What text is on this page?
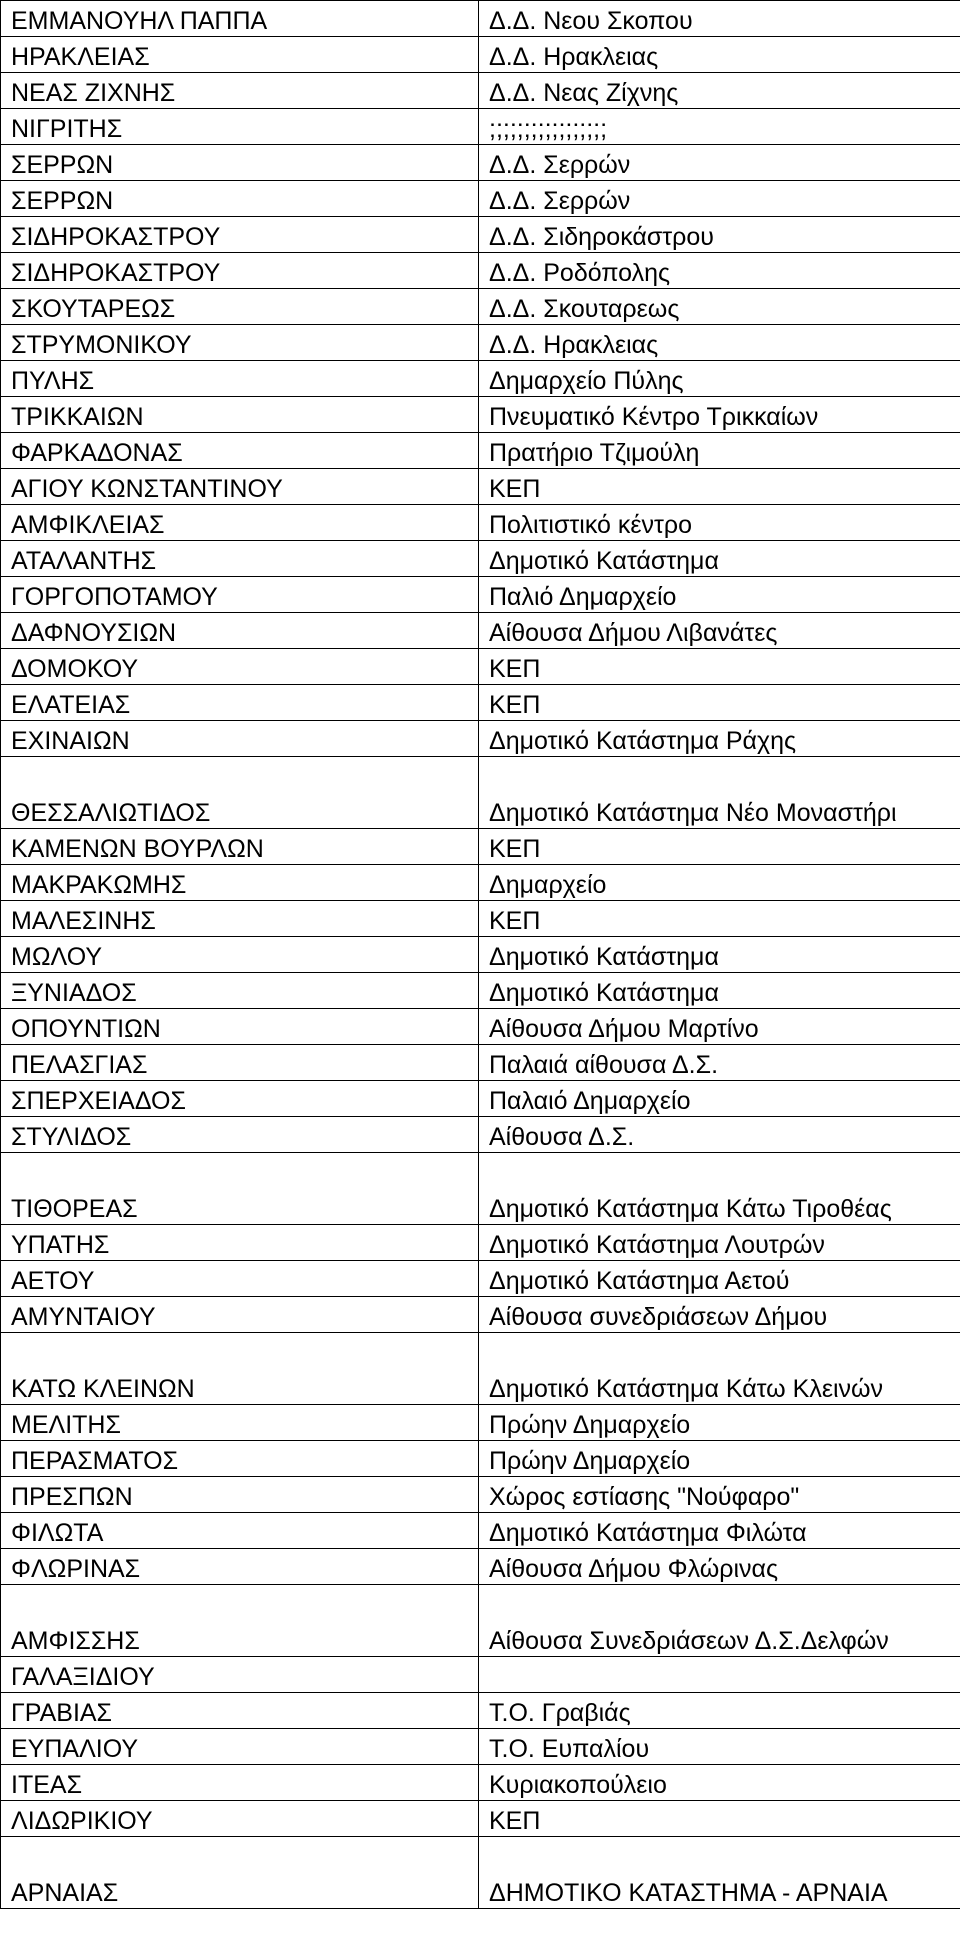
ΕΜΜΑΝΟΥΗΛ ΠΑΠΠΑ	Δ.Δ. Νεου Σκοπου
ΗΡΑΚΛΕΙΑΣ	Δ.Δ. Ηρακλειας
ΝΕΑΣ ΖΙΧΝΗΣ	Δ.Δ. Νεας Ζίχνης
ΝΙΓΡΙΤΗΣ	;;;;;;;;;;;;;;;;;
ΣΕΡΡΩΝ	Δ.Δ. Σερρών
ΣΕΡΡΩΝ	Δ.Δ. Σερρών
ΣΙΔΗΡΟΚΑΣΤΡΟΥ	Δ.Δ. Σιδηροκάστρου
ΣΙΔΗΡΟΚΑΣΤΡΟΥ	Δ.Δ. Ροδόπολης
ΣΚΟΥΤΑΡΕΩΣ	Δ.Δ. Σκουταρεως
ΣΤΡΥΜΟΝΙΚΟΥ	Δ.Δ. Ηρακλειας
ΠΥΛΗΣ	Δημαρχείο Πύλης
ΤΡΙΚΚΑΙΩΝ	Πνευματικό Κέντρο Τρικκαίων
ΦΑΡΚΑΔΟΝΑΣ	Πρατήριο Τζιμούλη
ΑΓΙΟΥ ΚΩΝΣΤΑΝΤΙΝΟΥ	ΚΕΠ
ΑΜΦΙΚΛΕΙΑΣ	Πολιτιστικό κέντρο
ΑΤΑΛΑΝΤΗΣ	Δημοτικό Κατάστημα
ΓΟΡΓΟΠΟΤΑΜΟΥ	Παλιό Δημαρχείο
ΔΑΦΝΟΥΣΙΩΝ	Αίθουσα Δήμου Λιβανάτες
ΔΟΜΟΚΟΥ	ΚΕΠ
ΕΛΑΤΕΙΑΣ	ΚΕΠ
ΕΧΙΝΑΙΩΝ	Δημοτικό Κατάστημα Ράχης
ΘΕΣΣΑΛΙΩΤΙΔΟΣ	Δημοτικό Κατάστημα Νέο Μοναστήρι
ΚΑΜΕΝΩΝ ΒΟΥΡΛΩΝ	ΚΕΠ
ΜΑΚΡΑΚΩΜΗΣ	Δημαρχείο
ΜΑΛΕΣΙΝΗΣ	ΚΕΠ
ΜΩΛΟΥ	Δημοτικό Κατάστημα
ΞΥΝΙΑΔΟΣ	Δημοτικό Κατάστημα
ΟΠΟΥΝΤΙΩΝ	Αίθουσα Δήμου Μαρτίνο
ΠΕΛΑΣΓΙΑΣ	Παλαιά αίθουσα Δ.Σ.
ΣΠΕΡΧΕΙΑΔΟΣ	Παλαιό Δημαρχείο
ΣΤΥΛΙΔΟΣ	Αίθουσα Δ.Σ.
ΤΙΘΟΡΕΑΣ	Δημοτικό Κατάστημα Κάτω Τιροθέας
ΥΠΑΤΗΣ	Δημοτικό Κατάστημα Λουτρών
ΑΕΤΟΥ	Δημοτικό Κατάστημα Αετού
ΑΜΥΝΤΑΙΟΥ	Αίθουσα συνεδριάσεων Δήμου
ΚΑΤΩ ΚΛΕΙΝΩΝ	Δημοτικό Κατάστημα Κάτω Κλεινών
ΜΕΛΙΤΗΣ	Πρώην Δημαρχείο
ΠΕΡΑΣΜΑΤΟΣ	Πρώην Δημαρχείο
ΠΡΕΣΠΩΝ	Χώρος εστίασης "Νούφαρο"
ΦΙΛΩΤΑ	Δημοτικό Κατάστημα Φιλώτα
ΦΛΩΡΙΝΑΣ	Αίθουσα Δήμου Φλώρινας
ΑΜΦΙΣΣΗΣ	Αίθουσα Συνεδριάσεων Δ.Σ.Δελφών
ΓΑΛΑΞΙΔΙΟΥ	
ΓΡΑΒΙΑΣ	Τ.Ο. Γραβιάς
ΕΥΠΑΛΙΟΥ	Τ.Ο. Ευπαλίου
ΙΤΕΑΣ	Κυριακοπούλειο
ΛΙΔΩΡΙΚΙΟΥ	ΚΕΠ
ΑΡΝΑΙΑΣ	ΔΗΜΟΤΙΚΟ ΚΑΤΑΣΤΗΜΑ - ΑΡΝΑΙΑ
